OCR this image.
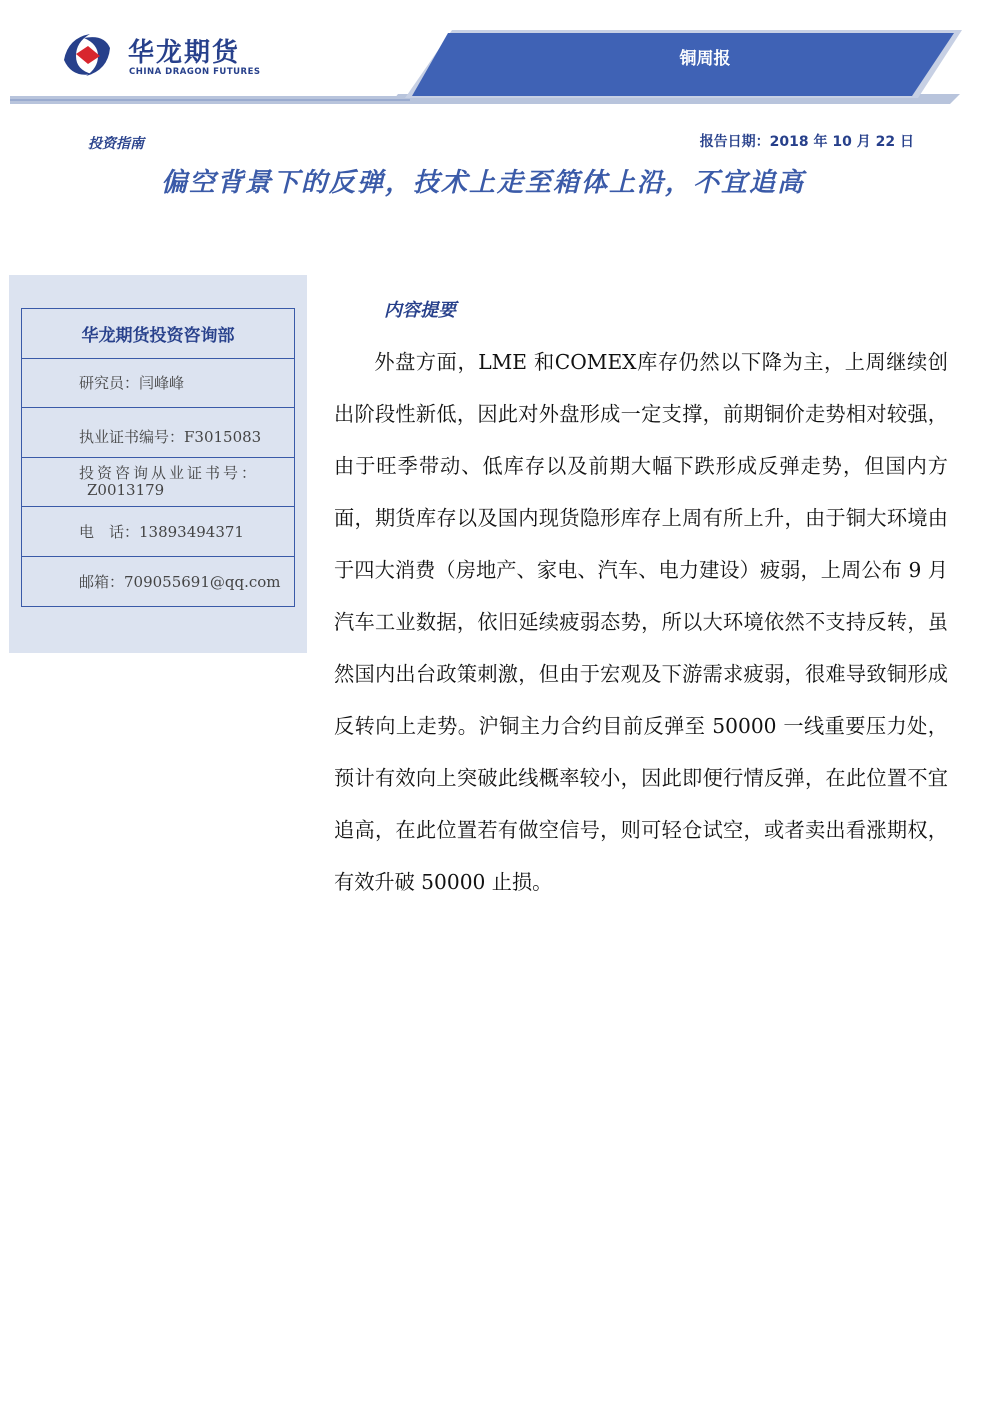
华龙期货
CHINA DRAGON FUTURES
铜周报
投资指南	报告日期：2018 年 10 月 22 日
偏空背景下的反弹，技术上走至箱体上沿，不宜追高
华龙期货投资咨询部
研究员：闫峰峰
执业证书编号：F3015083
投资咨询从业证书号：
Z0013179
电　话：13893494371
邮箱：709055691@qq.com
内容提要

外盘方面，LME 和COMEX库存仍然以下降为主，上周继续创出阶段性新低，因此对外盘形成一定支撑，前期铜价走势相对较强，由于旺季带动、低库存以及前期大幅下跌形成反弹走势，但国内方面，期货库存以及国内现货隐形库存上周有所上升，由于铜大环境由于四大消费（房地产、家电、汽车、电力建设）疲弱，上周公布 9 月汽车工业数据，依旧延续疲弱态势，所以大环境依然不支持反转，虽然国内出台政策刺激，但由于宏观及下游需求疲弱，很难导致铜形成反转向上走势。沪铜主力合约目前反弹至 50000 一线重要压力处，预计有效向上突破此线概率较小，因此即便行情反弹，在此位置不宜追高，在此位置若有做空信号，则可轻仓试空，或者卖出看涨期权，有效升破 50000 止损。
